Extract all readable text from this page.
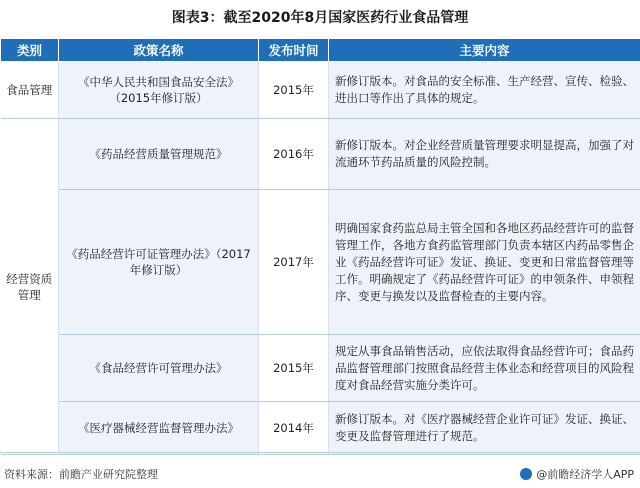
图表3：截至2020年8月国家医药行业食品管理
类别	政策名称	发布时间	主要内容
食品管理	《中华人民共和国食品安全法》（2015年修订版）	2015年	新修订版本。对食品的安全标准、生产经营、宣传、检验、进出口等作出了具体的规定。
经营资质管理	《药品经营质量管理规范》	2016年	新修订版本。对企业经营质量管理要求明显提高，加强了对流通环节药品质量的风险控制。
	《药品经营许可证管理办法》（2017年修订版）	2017年	明确国家食药监总局主管全国和各地区药品经营许可的监督管理工作，各地方食药监管理部门负责本辖区内药品零售企业《药品经营许可证》发证、换证、变更和日常监督管理等工作。明确规定了《药品经营许可证》的申领条件、申领程序、变更与换发以及监督检查的主要内容。
	《食品经营许可管理办法》	2015年	规定从事食品销售活动，应依法取得食品经营许可；食品药品监督管理部门按照食品经营主体业态和经营项目的风险程度对食品经营实施分类许可。
	《医疗器械经营监督管理办法》	2014年	新修订版本。对《医疗器械经营企业许可证》发证、换证、变更及监督管理进行了规范。
资料来源：前瞻产业研究院整理	@前瞻经济学人APP
